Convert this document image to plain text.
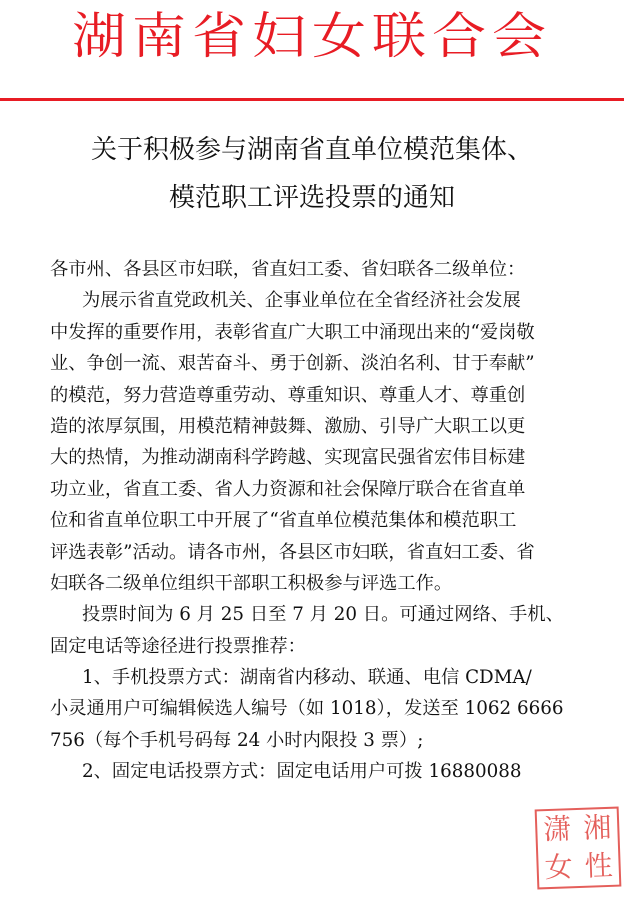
湖南省妇女联合会
关于积极参与湖南省直单位模范集体、
模范职工评选投票的通知
各市州、各县区市妇联，省直妇工委、省妇联各二级单位：
为展示省直党政机关、企事业单位在全省经济社会发展
中发挥的重要作用，表彰省直广大职工中涌现出来的“爱岗敬
业、争创一流、艰苦奋斗、勇于创新、淡泊名利、甘于奉献”
的模范，努力营造尊重劳动、尊重知识、尊重人才、尊重创
造的浓厚氛围，用模范精神鼓舞、激励、引导广大职工以更
大的热情，为推动湖南科学跨越、实现富民强省宏伟目标建
功立业，省直工委、省人力资源和社会保障厅联合在省直单
位和省直单位职工中开展了“省直单位模范集体和模范职工
评选表彰”活动。请各市州，各县区市妇联，省直妇工委、省
妇联各二级单位组织干部职工积极参与评选工作。
投票时间为 6 月 25 日至 7 月 20 日。可通过网络、手机、
固定电话等途径进行投票推荐：
1、手机投票方式：湖南省内移动、联通、电信 CDMA/
小灵通用户可编辑候选人编号（如 1018），发送至 1062 6666
756（每个手机号码每 24 小时内限投 3 票）;
2、固定电话投票方式：固定电话用户可拨 16880088
潇 湘
女 性
